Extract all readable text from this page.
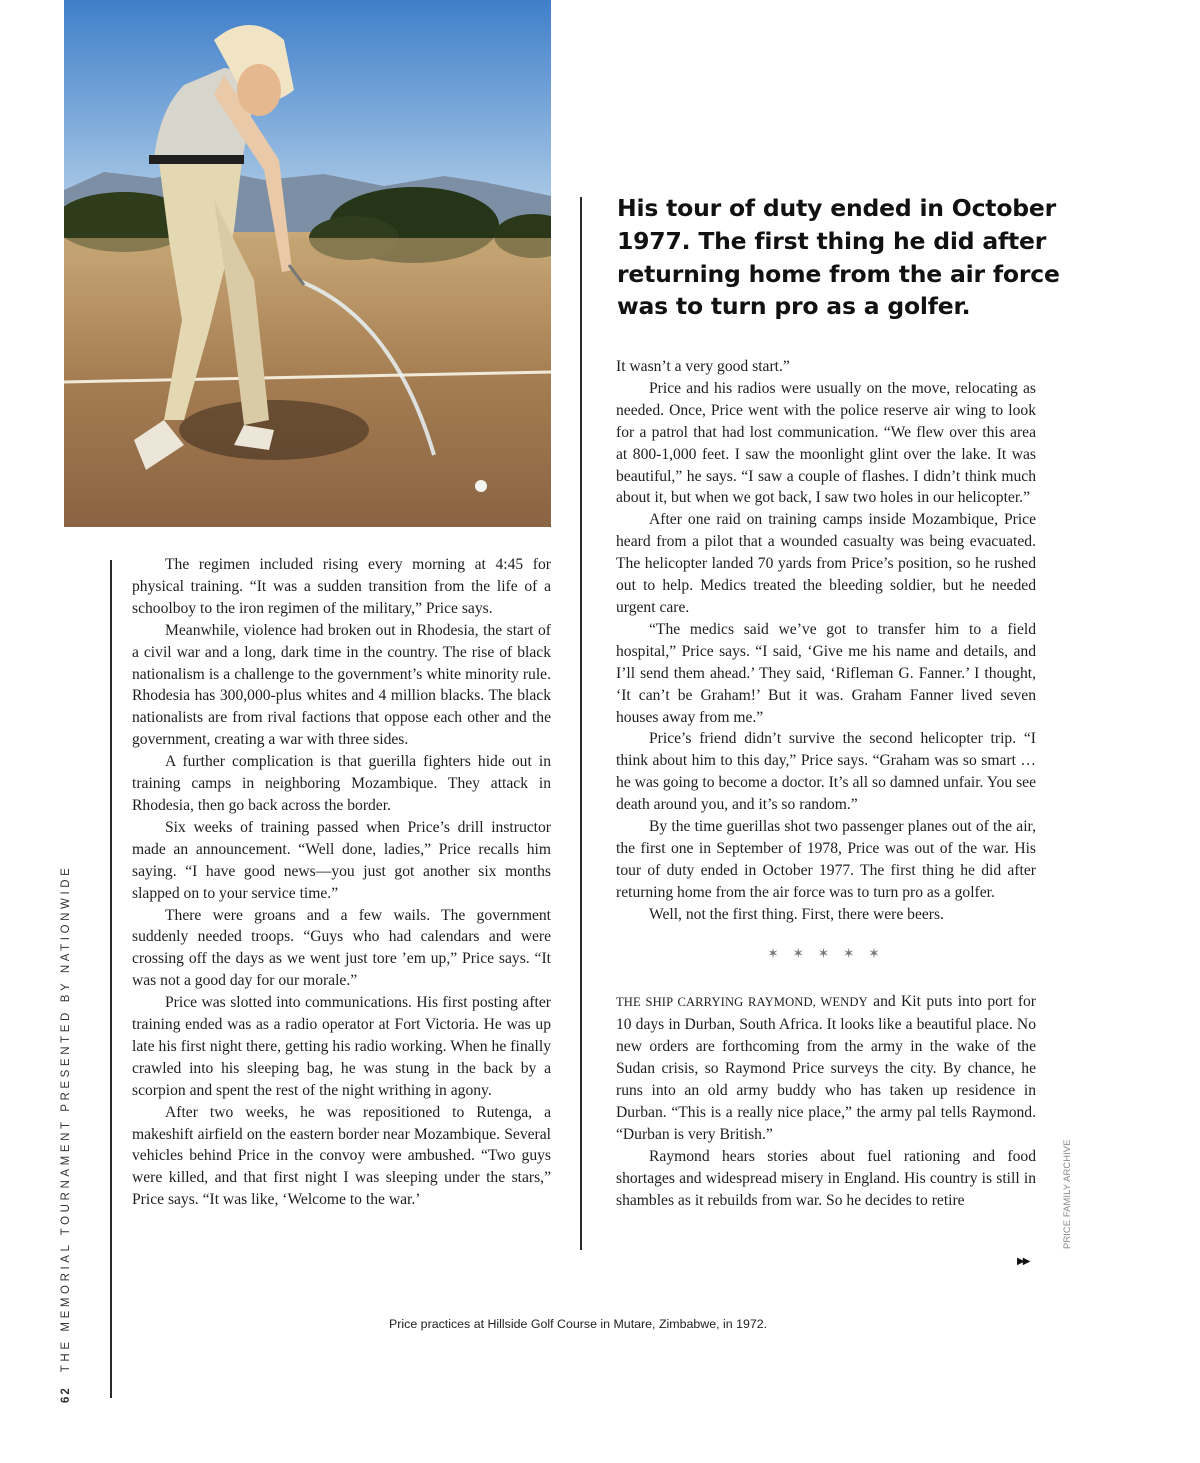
62THE MEMORIAL TOURNAMENT PRESENTED BY NATIONWIDE
His tour of duty ended in October 1977. The first thing he did after returning home from the air force was to turn pro as a golfer.

The regimen included rising every morning at 4:45 for physical training. “It was a sudden transition from the life of a schoolboy to the iron regimen of the military,” Price says.

Meanwhile, violence had broken out in Rhodesia, the start of a civil war and a long, dark time in the country. The rise of black nationalism is a challenge to the government’s white minority rule. Rhodesia has 300,000-plus whites and 4 million blacks. The black nationalists are from rival factions that oppose each other and the government, creating a war with three sides.

A further complication is that guerilla fighters hide out in training camps in neighboring Mozambique. They attack in Rhodesia, then go back across the border.

Six weeks of training passed when Price’s drill instructor made an announcement. “Well done, ladies,” Price recalls him saying. “I have good news—you just got another six months slapped on to your service time.”

There were groans and a few wails. The government suddenly needed troops. “Guys who had calendars and were crossing off the days as we went just tore ’em up,” Price says. “It was not a good day for our morale.”

Price was slotted into communications. His first posting after training ended was as a radio operator at Fort Victoria. He was up late his first night there, getting his radio working. When he finally crawled into his sleeping bag, he was stung in the back by a scorpion and spent the rest of the night writhing in agony.

After two weeks, he was repositioned to Rutenga, a makeshift airfield on the eastern border near Mozambique. Several vehicles behind Price in the convoy were ambushed. “Two guys were killed, and that first night I was sleeping under the stars,” Price says. “It was like, ‘Welcome to the war.’

It wasn’t a very good start.”

Price and his radios were usually on the move, relocating as needed. Once, Price went with the police reserve air wing to look for a patrol that had lost communication. “We flew over this area at 800-1,000 feet. I saw the moonlight glint over the lake. It was beautiful,” he says. “I saw a couple of flashes. I didn’t think much about it, but when we got back, I saw two holes in our helicopter.”

After one raid on training camps inside Mozambique, Price heard from a pilot that a wounded casualty was being evacuated. The helicopter landed 70 yards from Price’s position, so he rushed out to help. Medics treated the bleeding soldier, but he needed urgent care.

“The medics said we’ve got to transfer him to a field hospital,” Price says. “I said, ‘Give me his name and details, and I’ll send them ahead.’ They said, ‘Rifleman G. Fanner.’ I thought, ‘It can’t be Graham!’ But it was. Graham Fanner lived seven houses away from me.”

Price’s friend didn’t survive the second helicopter trip. “I think about him to this day,” Price says. “Graham was so smart … he was going to become a doctor. It’s all so damned unfair. You see death around you, and it’s so random.”

By the time guerillas shot two passenger planes out of the air, the first one in September of 1978, Price was out of the war. His tour of duty ended in October 1977. The first thing he did after returning home from the air force was to turn pro as a golfer.

Well, not the first thing. First, there were beers.

✶ ✶ ✶ ✶ ✶

THE SHIP CARRYING RAYMOND, WENDY and Kit puts into port for 10 days in Durban, South Africa. It looks like a beautiful place. No new orders are forthcoming from the army in the wake of the Sudan crisis, so Raymond Price surveys the city. By chance, he runs into an old army buddy who has taken up residence in Durban. “This is a really nice place,” the army pal tells Raymond. “Durban is very British.”

Raymond hears stories about fuel rationing and food shortages and widespread misery in England. His country is still in shambles as it rebuilds from war. So he decides to retire

▶▶
PRICE FAMILY ARCHIVE
Price practices at Hillside Golf Course in Mutare, Zimbabwe, in 1972.
